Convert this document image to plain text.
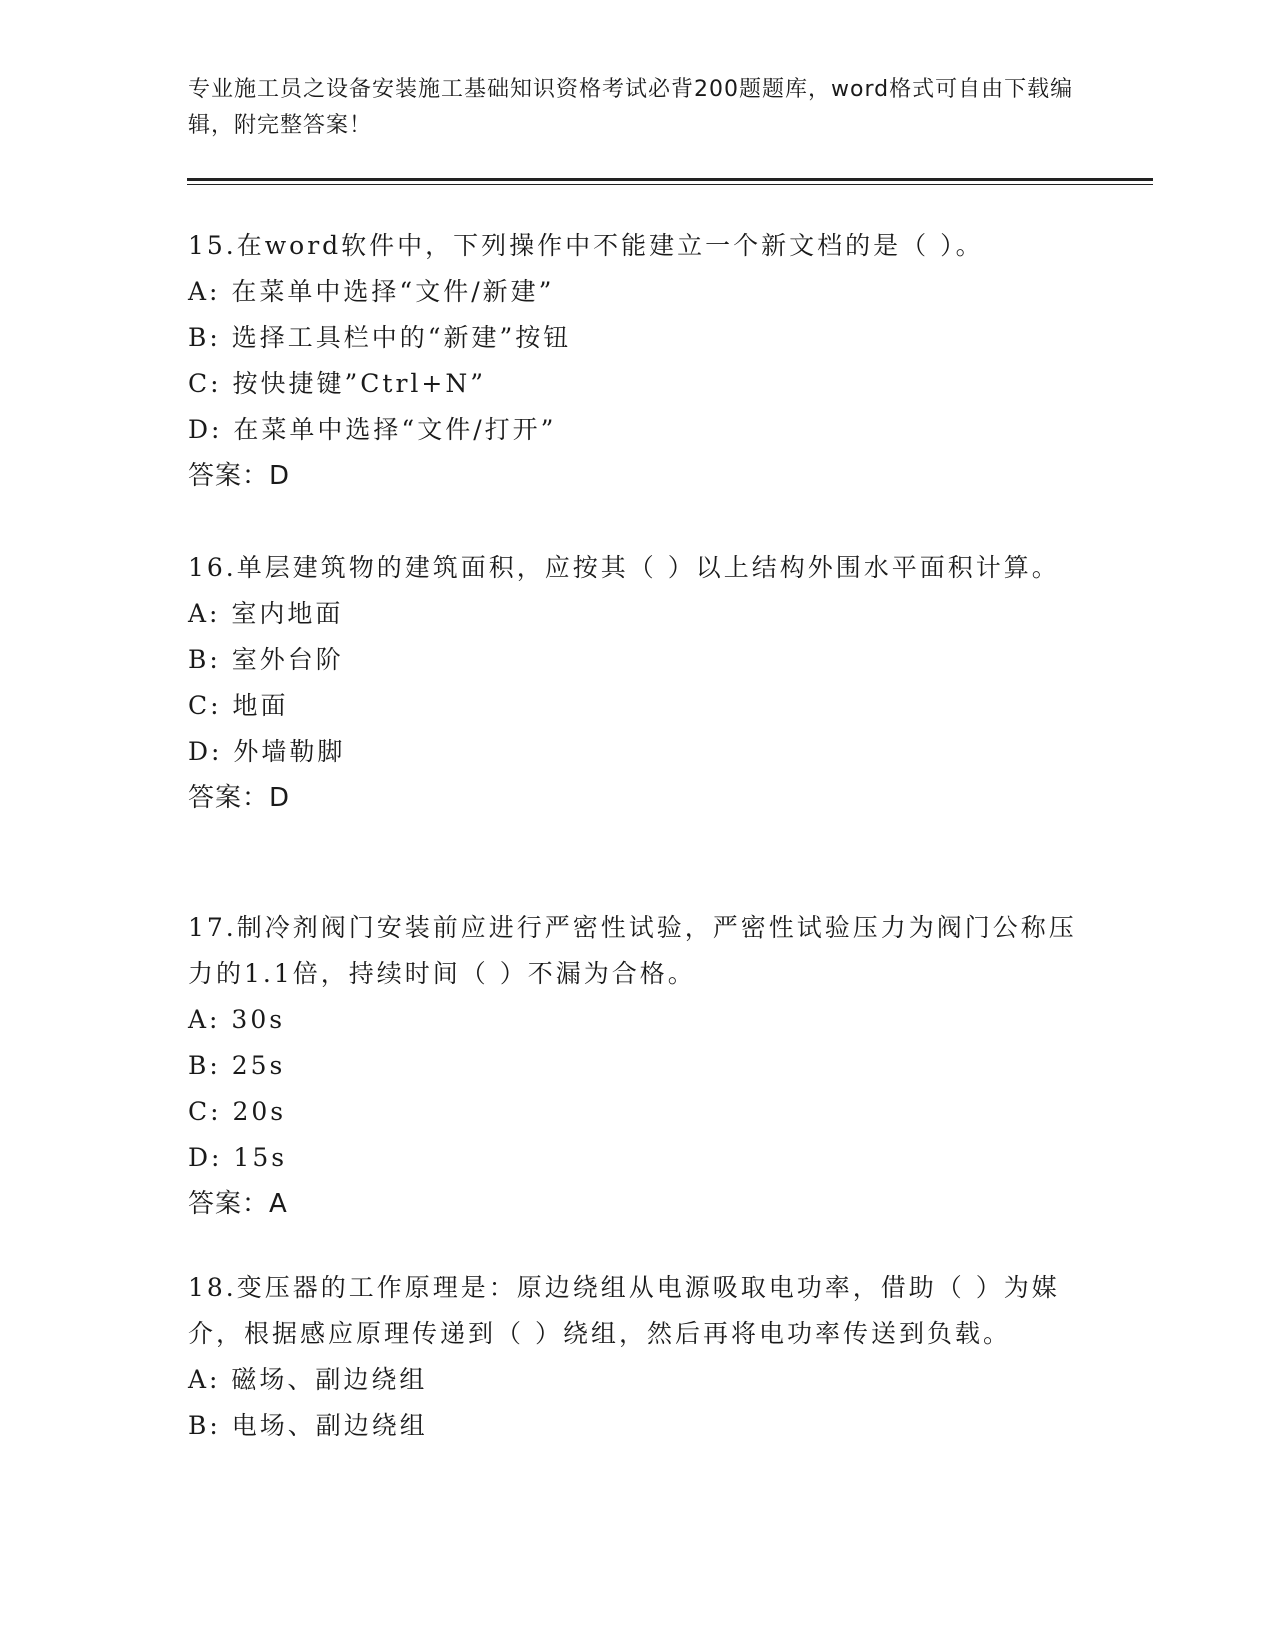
专业施工员之设备安装施工基础知识资格考试必背200题题库，word格式可自由下载编辑，附完整答案！
15.在word软件中，下列操作中不能建立一个新文档的是（ ）。
A: 在菜单中选择“文件/新建”
B: 选择工具栏中的“新建”按钮
C: 按快捷键”Ctrl+N”
D: 在菜单中选择“文件/打开”
答案：D
16.单层建筑物的建筑面积，应按其（ ）以上结构外围水平面积计算。
A: 室内地面
B: 室外台阶
C: 地面
D: 外墙勒脚
答案：D
17.制冷剂阀门安装前应进行严密性试验，严密性试验压力为阀门公称压力的1.1倍，持续时间（ ）不漏为合格。
A: 30s
B: 25s
C: 20s
D: 15s
答案：A
18.变压器的工作原理是：原边绕组从电源吸取电功率，借助（ ）为媒介，根据感应原理传递到（ ）绕组，然后再将电功率传送到负载。
A: 磁场、副边绕组
B: 电场、副边绕组
